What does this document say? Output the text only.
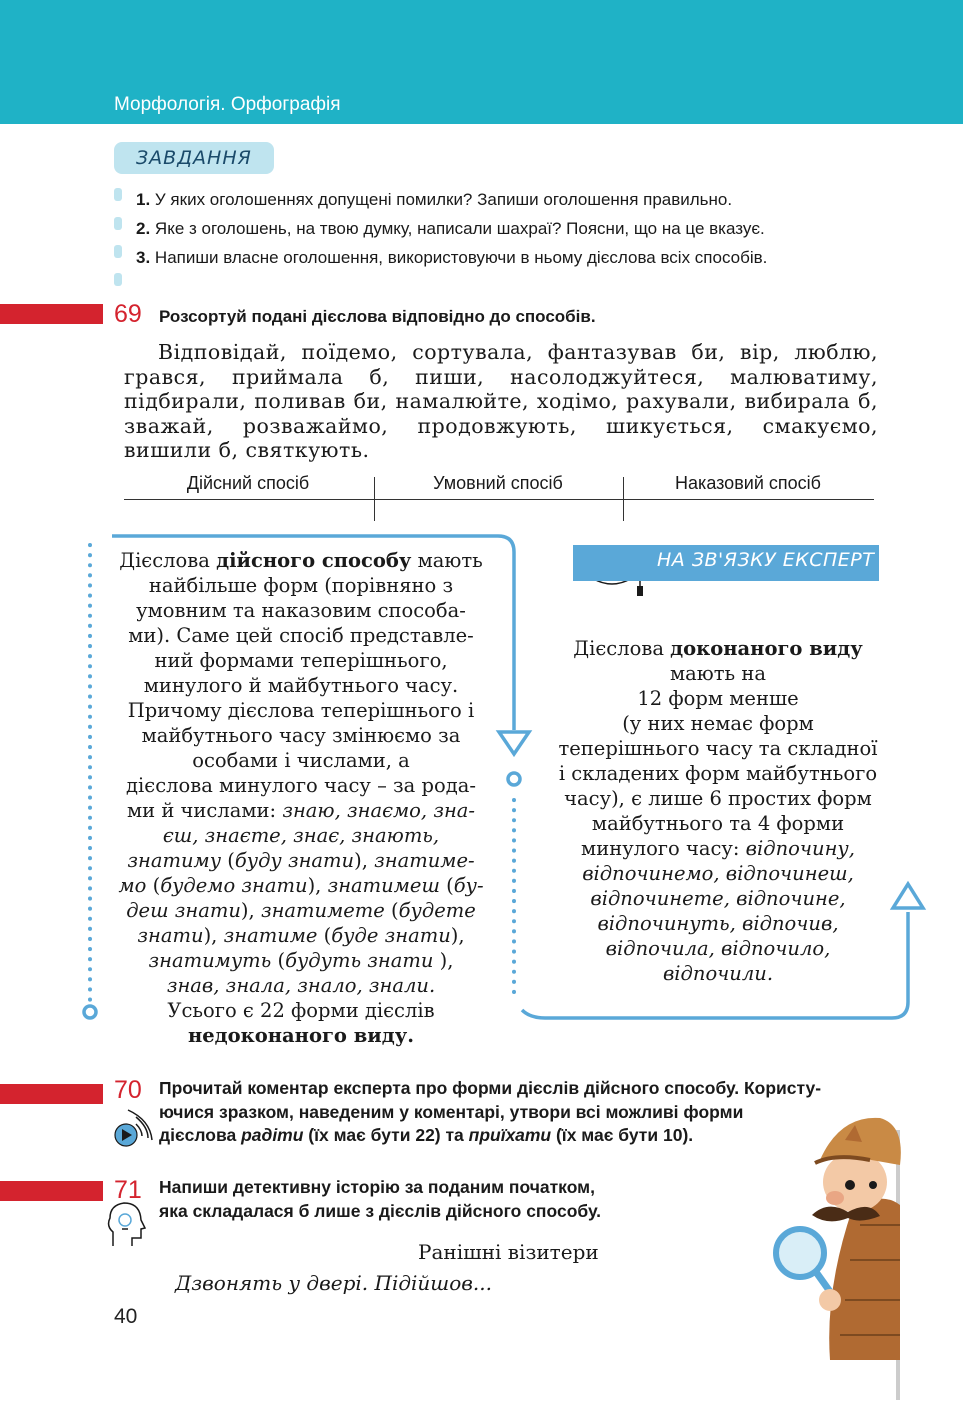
Морфологія. Орфографія
ЗАВДАННЯ
1. У яких оголошеннях допущені помилки? Запиши оголошення правильно.
2. Яке з оголошень, на твою думку, написали шахраї? Поясни, що на це вказує.
3. Напиши власне оголошення, використовуючи в ньому дієслова всіх способів.
69 Розсортуй подані дієслова відповідно до способів.
Відповідай, поїдемо, сортувала, фантазував би, вір, люблю, грався, приймала б, пиши, насолоджуйтеся, малюватиму, підбирали, поливав би, намалюйте, ходімо, рахували, вибирала б, зважай, розважаймо, продовжують, шикується, смакуємо, вишили б, святкують.
Дійсний спосіб	Умовний спосіб	Наказовий спосіб
Дієслова дійсного способу мають
найбільше форм (порівняно з
умовним та наказовим способа-
ми). Саме цей спосіб представле-
ний формами теперішнього,
минулого й майбутнього часу.
Причому дієслова теперішнього і
майбутнього часу змінюємо за
особами і числами, а
дієслова минулого часу – за рода-
ми й числами: знаю, знаємо, зна-
єш, знаєте, знає, знають,
знатиму (буду знати), знатиме-
мо (будемо знати), знатимеш (бу-
деш знати), знатимете (будете
знати), знатиме (буде знати),
знатимуть (будуть знати ),
знав, знала, знало, знали.
Усього є 22 форми дієслів
недоконаного виду.
НА ЗВ'ЯЗКУ ЕКСПЕРТ
Дієслова доконаного виду
мають на
12 форм менше
(у них немає форм
теперішнього часу та складної
і складених форм майбутнього
часу), є лише 6 простих форм
майбутнього та 4 форми
минулого часу: відпочину,
відпочинемо, відпочинеш,
відпочинете, відпочине,
відпочинуть, відпочив,
відпочила, відпочило,
відпочили.
70 Прочитай коментар експерта про форми дієслів дійсного способу. Користу-
ючися зразком, наведеним у коментарі, утвори всі можливі форми
дієслова радіти (їх має бути 22) та приїхати (їх має бути 10).
71 Напиши детективну історію за поданим початком,
яка складалася б лише з дієслів дійсного способу.
Ранішні візитери
Дзвонять у двері. Підійшов...
40
